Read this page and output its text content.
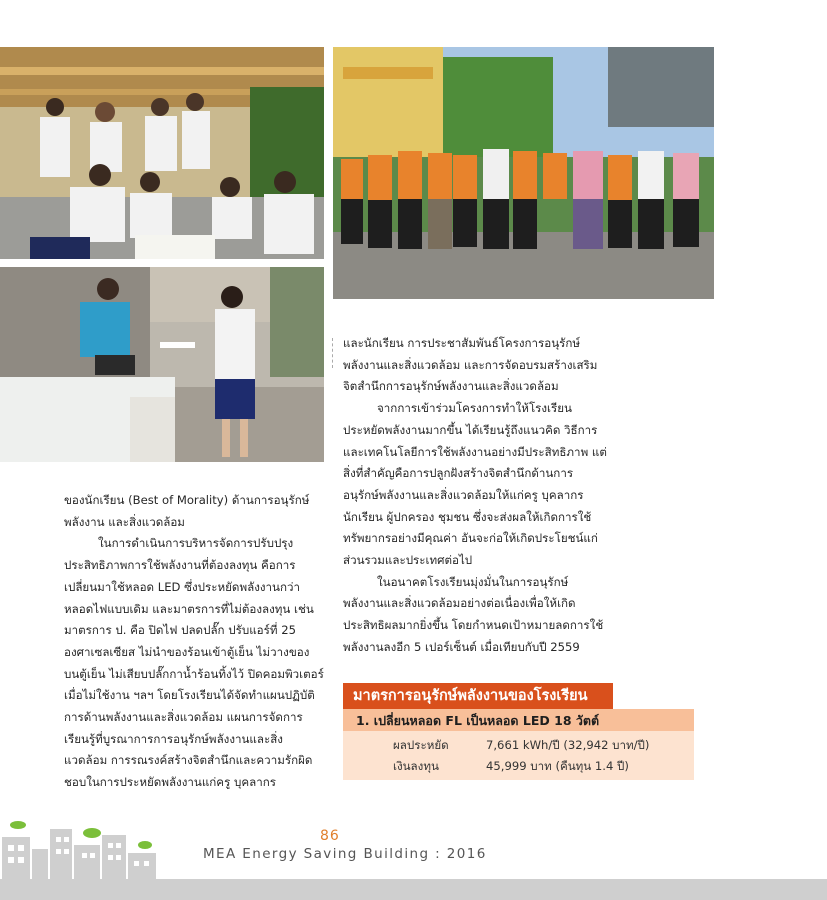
ของนักเรียน (Best of Morality) ด้านการอนุรักษ์พลังงาน และสิ่งแวดล้อม

ในการดำเนินการบริหารจัดการปรับปรุงประสิทธิภาพการใช้พลังงานที่ต้องลงทุน คือการเปลี่ยนมาใช้หลอด LED ซึ่งประหยัดพลังงานกว่าหลอดไฟแบบเดิม และมาตรการที่ไม่ต้องลงทุน เช่น มาตรการ ป. คือ ปิดไฟ ปลดปลั๊ก ปรับแอร์ที่ 25 องศาเซลเซียส ไม่นำของร้อนเข้าตู้เย็น ไม่วางของบนตู้เย็น ไม่เสียบปลั๊กกาน้ำร้อนทิ้งไว้ ปิดคอมพิวเตอร์เมื่อไม่ใช้งาน ฯลฯ โดยโรงเรียนได้จัดทำแผนปฏิบัติการด้านพลังงานและสิ่งแวดล้อม แผนการจัดการเรียนรู้ที่บูรณาการการอนุรักษ์พลังงานและสิ่งแวดล้อม การรณรงค์สร้างจิตสำนึกและความรักผิดชอบในการประหยัดพลังงานแก่ครู บุคลากร

และนักเรียน การประชาสัมพันธ์โครงการอนุรักษ์พลังงานและสิ่งแวดล้อม และการจัดอบรมสร้างเสริมจิตสำนึกการอนุรักษ์พลังงานและสิ่งแวดล้อม

จากการเข้าร่วมโครงการทำให้โรงเรียนประหยัดพลังงานมากขึ้น ได้เรียนรู้ถึงแนวคิด วิธีการและเทคโนโลยีการใช้พลังงานอย่างมีประสิทธิภาพ แต่สิ่งที่สำคัญคือการปลูกฝังสร้างจิตสำนึกด้านการอนุรักษ์พลังงานและสิ่งแวดล้อมให้แก่ครู บุคลากร นักเรียน ผู้ปกครอง ชุมชน ซึ่งจะส่งผลให้เกิดการใช้ทรัพยากรอย่างมีคุณค่า อันจะก่อให้เกิดประโยชน์แก่ส่วนรวมและประเทศต่อไป

ในอนาคตโรงเรียนมุ่งมั่นในการอนุรักษ์พลังงานและสิ่งแวดล้อมอย่างต่อเนื่องเพื่อให้เกิดประสิทธิผลมากยิ่งขึ้น โดยกำหนดเป้าหมายลดการใช้พลังงานลงอีก 5 เปอร์เซ็นต์ เมื่อเทียบกับปี 2559

มาตรการอนุรักษ์พลังงานของโรงเรียน
1. เปลี่ยนหลอด FL เป็นหลอด LED 18 วัตต์
ผลประหยัด	7,661 kWh/ปี (32,942 บาท/ปี)
เงินลงทุน	45,999 บาท (คืนทุน 1.4 ปี)
86
MEA Energy Saving Building : 2016
